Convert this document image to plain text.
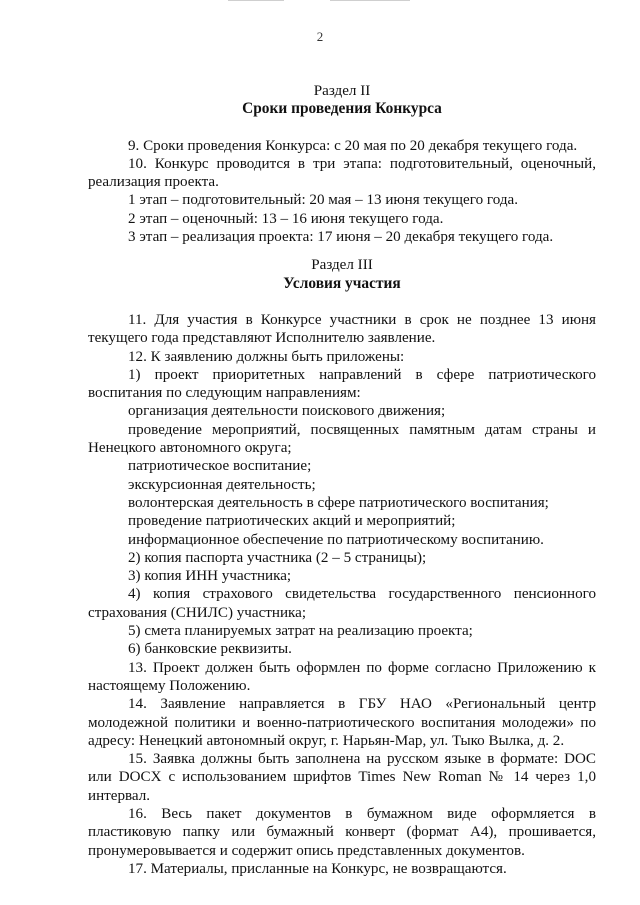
2

Раздел II

Сроки проведения Конкурса

9. Сроки проведения Конкурса: с 20 мая по 20 декабря текущего года.

10. Конкурс проводится в три этапа: подготовительный, оценочный, реализация проекта.

1 этап – подготовительный: 20 мая – 13 июня текущего года.

2 этап – оценочный: 13 – 16 июня текущего года.

3 этап – реализация проекта: 17 июня – 20 декабря текущего года.

Раздел III

Условия участия

11. Для участия в Конкурсе участники в срок не позднее 13 июня текущего года представляют Исполнителю заявление.

12. К заявлению должны быть приложены:

1) проект приоритетных направлений в сфере патриотического воспитания по следующим направлениям:

организация деятельности поискового движения;

проведение мероприятий, посвященных памятным датам страны и Ненецкого автономного округа;

патриотическое воспитание;

экскурсионная деятельность;

волонтерская деятельность в сфере патриотического воспитания;

проведение патриотических акций и мероприятий;

информационное обеспечение по патриотическому воспитанию.

2) копия паспорта участника (2 – 5 страницы);

3) копия ИНН участника;

4) копия страхового свидетельства государственного пенсионного страхования (СНИЛС) участника;

5) смета планируемых затрат на реализацию проекта;

6) банковские реквизиты.

13. Проект должен быть оформлен по форме согласно Приложению к настоящему Положению.

14. Заявление направляется в ГБУ НАО «Региональный центр молодежной политики и военно-патриотического воспитания молодежи» по адресу: Ненецкий автономный округ, г. Нарьян-Мар, ул. Тыко Вылка, д. 2.

15. Заявка должны быть заполнена на русском языке в формате: DOC или DOCX с использованием шрифтов Times New Roman № 14 через 1,0 интервал.

16. Весь пакет документов в бумажном виде оформляется в пластиковую папку или бумажный конверт (формат А4), прошивается, пронумеровывается и содержит опись представленных документов.

17. Материалы, присланные на Конкурс, не возвращаются.
